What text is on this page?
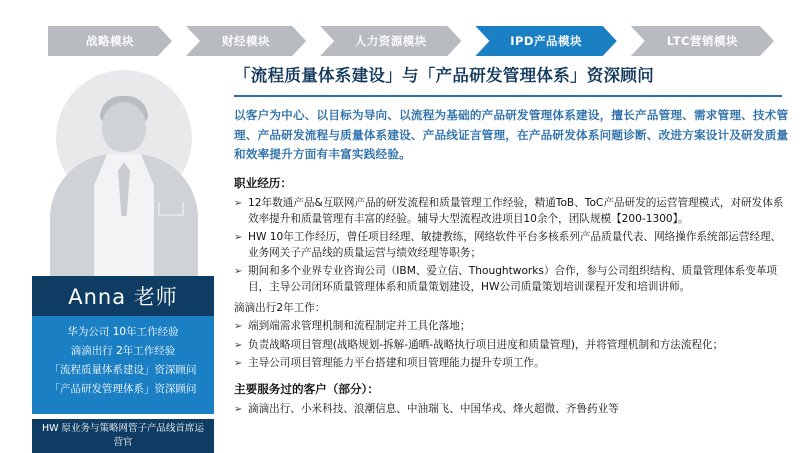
战略模块	财经模块	人力资源模块	IPD产品模块	LTC营销模块
Anna 老师
华为公司 10年工作经验
滴滴出行 2年工作经验
「流程质量体系建设」资深顾问
「产品研发管理体系」资深顾问
HW 原业务与策略网管子产品线首席运营官
「流程质量体系建设」与「产品研发管理体系」资深顾问
以客户为中心、以目标为导向、以流程为基础的产品研发管理体系建设，擅长产品管理、需求管理、技术管理、产品研发流程与质量体系建设、产品线证言管理，在产品研发体系问题诊断、改进方案设计及研发质量和效率提升方面有丰富实践经验。
职业经历：
➢ 12年数通产品&互联网产品的研发流程和质量管理工作经验，精通ToB、ToC产品研发的运营管理模式，对研发体系效率提升和质量管理有丰富的经验。辅导大型流程改进项目10余个，团队规模【200-1300】。
➢ HW 10年工作经历，曾任项目经理、敏捷教练，网络软件平台多核系列产品质量代表、网络操作系统部运营经理、业务网关子产品线的质量运营与绩效经理等职务；
➢ 期间和多个业界专业咨询公司（IBM、爱立信、Thoughtworks）合作，参与公司组织结构、质量管理体系变革项目，主导公司闭环质量管理体系和质量策划建设，HW公司质量策划培训课程开发和培训讲师。
滴滴出行2年工作：
➢ 端到端需求管理机制和流程制定并工具化落地；
➢ 负责战略项目管理(战略规划-拆解-通晒-战略执行项目进度和质量管理)，并将管理机制和方法流程化；
➢ 主导公司项目管理能力平台搭建和项目管理能力提升专项工作。
主要服务过的客户（部分）：
➢ 滴滴出行、小米科技、浪潮信息、中油瑞飞、中国华戎、烽火超微、齐鲁药业等
